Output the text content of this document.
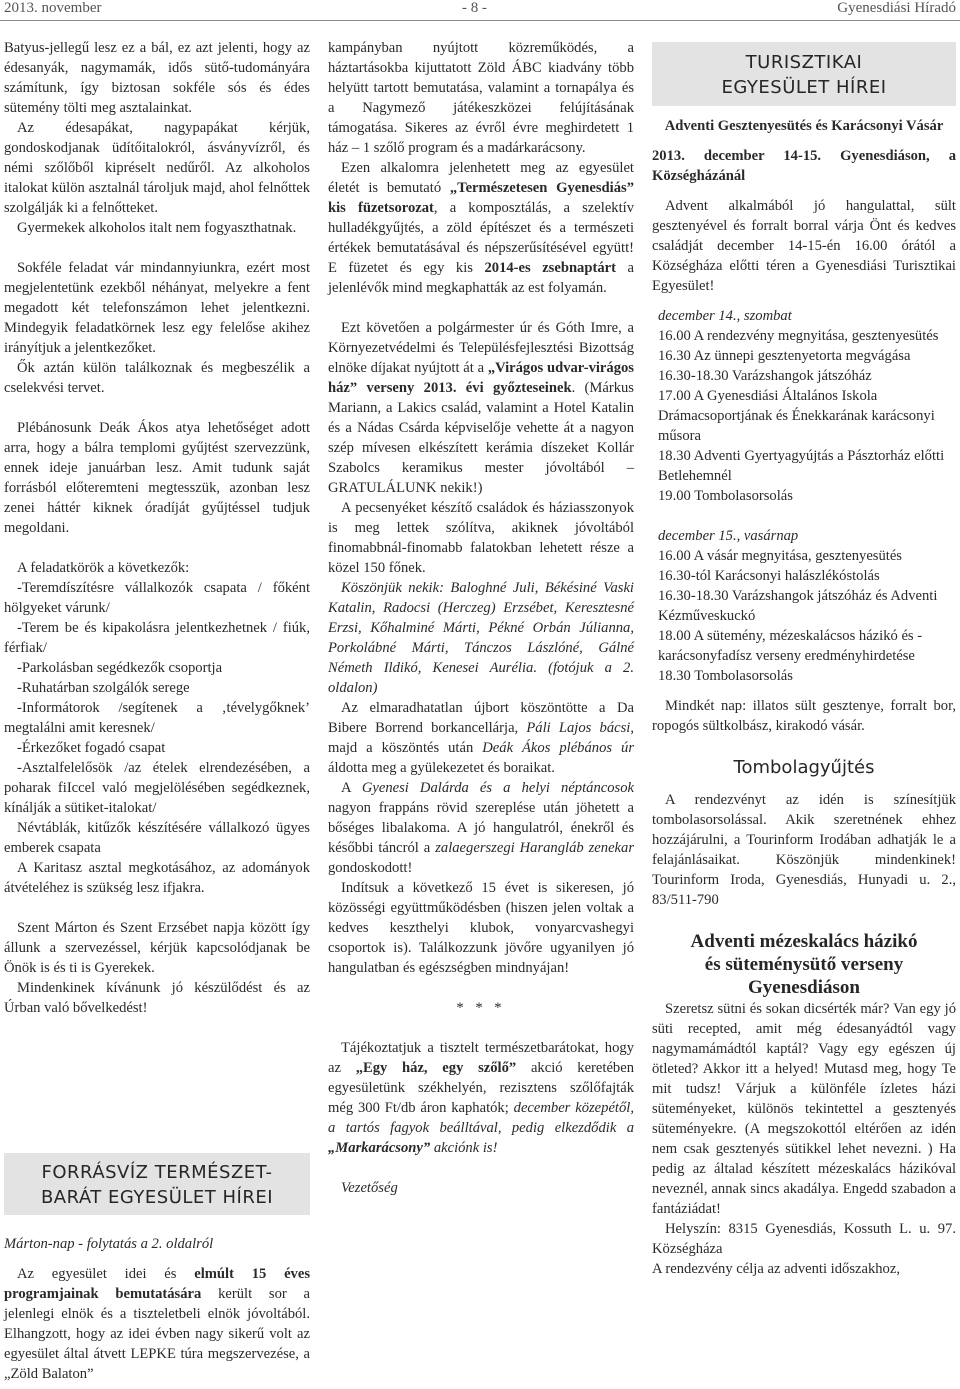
2013. november	- 8 -	Gyenesdiási Híradó

Batyus-jellegű lesz ez a bál, ez azt jelenti, hogy az édesanyák, nagymamák, idős sütő-tudományára számítunk, így biztosan sokféle sós és édes sütemény tölti meg asztalainkat.

Az édesapákat, nagypapákat kérjük, gondoskodjanak üdítőitalokról, ásványvízről, és némi szőlőből kipréselt nedűről. Az alkoholos italokat külön asztalnál tároljuk majd, ahol felnőttek szolgálják ki a felnőtteket.

Gyermekek alkoholos italt nem fogyaszthatnak.

Sokféle feladat vár mindannyiunkra, ezért most megjelentetünk ezekből néhányat, melyekre a fent megadott két telefonszámon lehet jelentkezni. Mindegyik feladatkörnek lesz egy felelőse akihez irányítjuk a jelentkezőket.

Ők aztán külön találkoznak és megbeszélik a cselekvési tervet.

Plébánosunk Deák Ákos atya lehetőséget adott arra, hogy a bálra templomi gyűjtést szervezzünk, ennek ideje januárban lesz. Amit tudunk saját forrásból előteremteni megtesszük, azonban lesz zenei háttér kiknek óradíját gyűjtéssel tudjuk megoldani.

A feladatkörök a következők:

-Teremdíszítésre vállalkozók csapata / főként hölgyeket várunk/

-Terem be és kipakolásra jelentkezhetnek / fiúk, férfiak/

-Parkolásban segédkezők csoportja

-Ruhatárban szolgálók serege

-Informátorok /segítenek a ‚tévelygőknek’ megtalálni amit keresnek/

-Érkezőket fogadó csapat

-Asztalfelelősök /az ételek elrendezésében, a poharak fiIccel való megjelölésében segédkeznek, kínálják a sütiket-italokat/

Névtáblák, kitűzők készítésére vállalkozó ügyes emberek csapata

A Karitasz asztal megkotásához, az adományok átvételéhez is szükség lesz ifjakra.

Szent Márton és Szent Erzsébet napja között így állunk a szervezéssel, kérjük kapcsolódjanak be Önök is és ti is Gyerekek.

Mindenkinek kívánunk jó készülődést és az Úrban való bővelkedést!

FORRÁSVÍZ TERMÉSZET-
BARÁT EGYESÜLET HÍREI

Márton-nap - folytatás a 2. oldalról

Az egyesület idei és elmúlt 15 éves programjainak bemutatására került sor a jelenlegi elnök és a tiszteletbeli elnök jóvoltából. Elhangzott, hogy az idei évben nagy sikerű volt az egyesület által átvett LEPKE túra megszervezése, a „Zöld Balaton”

kampányban nyújtott közreműködés, a háztartásokba kijuttatott Zöld ÁBC kiadvány több helyütt tartott bemutatása, valamint a tornapálya és a Nagymező játékeszközei felújításának támogatása. Sikeres az évről évre meghirdetett 1 ház – 1 szőlő program és a madárkarácsony.

Ezen alkalomra jelenhetett meg az egyesület életét is bemutató „Természetesen Gyenesdiás” kis füzetsorozat, a komposztálás, a szelektív hulladékgyűjtés, a zöld építészet és a természeti értékek bemutatásával és népszerűsítésével együtt! E füzetet és egy kis 2014-es zsebnaptárt a jelenlévők mind megkaphatták az est folyamán.

Ezt követően a polgármester úr és Góth Imre, a Környezetvédelmi és Településfejlesztési Bizottság elnöke díjakat nyújtott át a „Virágos udvar-virágos ház” verseny 2013. évi győzteseinek. (Márkus Mariann, a Lakics család, valamint a Hotel Katalin és a Nádas Csárda képviselője vehette át a nagyon szép mívesen elkészített kerámia díszeket Kollár Szabolcs keramikus mester jóvoltából – GRATULÁLUNK nekik!)

A pecsenyéket készítő családok és háziasszonyok is meg lettek szólítva, akiknek jóvoltából finomabbnál-finomabb falatokban lehetett része a közel 150 főnek.

Köszönjük nekik: Baloghné Juli, Békésiné Vaski Katalin, Radocsi (Herczeg) Erzsébet, Keresztesné Erzsi, Kőhalminé Márti, Pékné Orbán Júlianna, Porkolábné Márti, Tánczos Lászlóné, Gálné Németh Ildikó, Kenesei Aurélia. (fotójuk a 2. oldalon)

Az elmaradhatatlan újbort köszöntötte a Da Bibere Borrend borkancellárja, Páli Lajos bácsi, majd a köszöntés után Deák Ákos plébános úr áldotta meg a gyülekezetet és boraikat.

A Gyenesi Dalárda és a helyi néptáncosok nagyon frappáns rövid szereplése után jöhetett a bőséges libalakoma. A jó hangulatról, énekről és későbbi táncról a zalaegerszegi Harangláb zenekar gondoskodott!

Indítsuk a következő 15 évet is sikeresen, jó közösségi együttműködésben (hiszen jelen voltak a kedves keszthelyi klubok, vonyarcvashegyi csoportok is). Találkozzunk jövőre ugyanilyen jó hangulatban és egészségben mindnyájan!

* * *

Tájékoztatjuk a tisztelt természetbarátokat, hogy az „Egy ház, egy szőlő” akció keretében egyesületünk székhelyén, rezisztens szőlőfajták még 300 Ft/db áron kaphatók; december közepétől, a tartós fagyok beálltával, pedig elkezdődik a „Markarácsony” akciónk is!

Vezetőség

TURISZTIKAI
EGYESÜLET HÍREI

Adventi Gesztenyesütés és Karácsonyi Vásár

2013. december 14-15. Gyenesdiáson, a Községházánál

Advent alkalmából jó hangulattal, sült gesztenyével és forralt borral várja Önt és kedves családját december 14-15-én 16.00 órától a Községháza előtti téren a Gyenesdiási Turisztikai Egyesület!

december 14., szombat

16.00 A rendezvény megnyitása, gesztenyesütés

16.30 Az ünnepi gesztenyetorta megvágása

16.30-18.30 Varázshangok játszóház

17.00 A Gyenesdiási Általános Iskola Drámacsoportjának és Énekkarának karácsonyi műsora

18.30 Adventi Gyertyagyújtás a Pásztorház előtti Betlehemnél

19.00 Tombolasorsolás

december 15., vasárnap

16.00 A vásár megnyitása, gesztenyesütés

16.30-tól Karácsonyi halászlékóstolás

16.30-18.30 Varázshangok játszóház és Adventi Kézműveskuckó

18.00 A sütemény, mézeskalácsos házikó és -karácsonyfadísz verseny eredményhirdetése

18.30 Tombolasorsolás

Mindkét nap: illatos sült gesztenye, forralt bor, ropogós sültkolbász, kirakodó vásár.

Tombolagyűjtés

A rendezvényt az idén is színesítjük tombolasorsolással. Akik szeretnének ehhez hozzájárulni, a Tourinform Irodában adhatják le a felajánlásaikat. Köszönjük mindenkinek! Tourinform Iroda, Gyenesdiás, Hunyadi u. 2., 83/511-790

Adventi mézeskalács házikó
és süteménysütő verseny
Gyenesdiáson

Szeretsz sütni és sokan dicsérték már? Van egy jó süti recepted, amit még édesanyádtól vagy nagymamámádtól kaptál? Vagy egy egészen új ötleted? Akkor itt a helyed! Mutasd meg, hogy Te mit tudsz! Várjuk a különféle ízletes házi süteményeket, különös tekintettel a gesztenyés süteményekre. (A megszokottól eltérően az idén nem csak gesztenyés sütikkel lehet nevezni. ) Ha pedig az általad készített mézeskalács házikóval neveznél, annak sincs akadálya. Engedd szabadon a fantáziádat!

Helyszín: 8315 Gyenesdiás, Kossuth L. u. 97. Községháza

A rendezvény célja az adventi időszakhoz,
